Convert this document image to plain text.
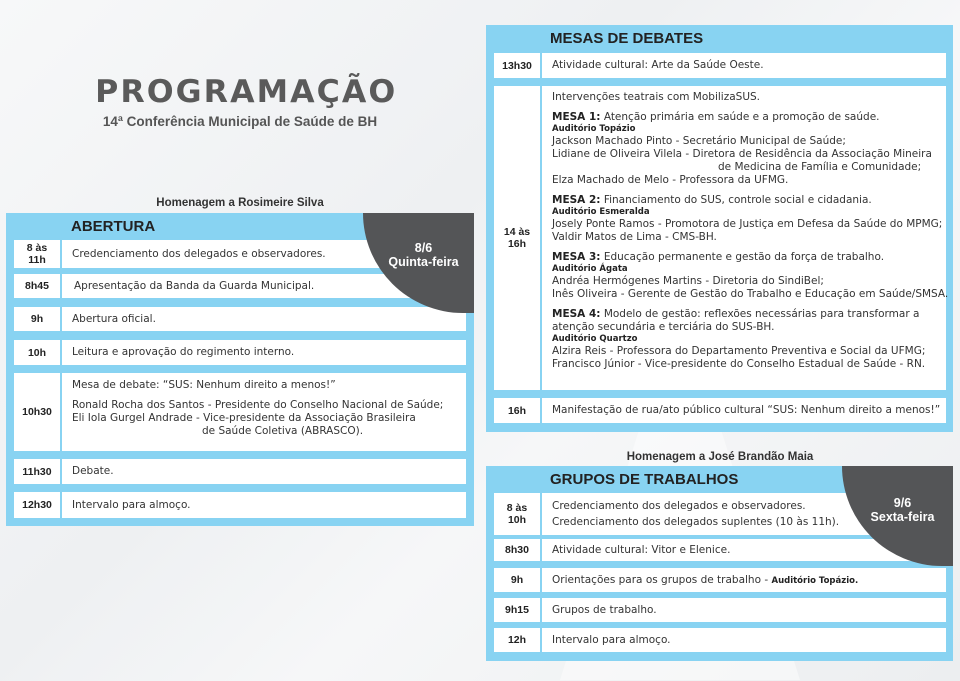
PROGRAMAÇÃO
14ª Conferência Municipal de Saúde de BH
Homenagem a Rosimeire Silva
ABERTURA
8 às
11h
Credenciamento dos delegados e observadores.
8h45 Apresentação da Banda da Guarda Municipal.
9h	Abertura oficial.
10h Leitura e aprovação do regimento interno.
10h30
Mesa de debate: “SUS: Nenhum direito a menos!”
Ronald Rocha dos Santos - Presidente do Conselho Nacional de Saúde;
Eli Iola Gurgel Andrade - Vice-presidente da Associação Brasileira
de Saúde Coletiva (ABRASCO).
11h30 Debate.
12h30 Intervalo para almoço.
8/6
Quinta-feira
MESAS DE DEBATES
13h30 Atividade cultural: Arte da Saúde Oeste.
14 às
16h
Intervenções teatrais com MobilizaSUS.
MESA 1: Atenção primária em saúde e a promoção de saúde.
Auditório Topázio
Jackson Machado Pinto - Secretário Municipal de Saúde;
Lidiane de Oliveira Vilela - Diretora de Residência da Associação Mineira
de Medicina de Família e Comunidade;
Elza Machado de Melo - Professora da UFMG.
MESA 2: Financiamento do SUS, controle social e cidadania.
Auditório Esmeralda
Josely Ponte Ramos - Promotora de Justiça em Defesa da Saúde do MPMG;
Valdir Matos de Lima - CMS-BH.
MESA 3: Educação permanente e gestão da força de trabalho.
Auditório Ágata
Andréa Hermógenes Martins - Diretoria do SindiBel;
Inês Oliveira - Gerente de Gestão do Trabalho e Educação em Saúde/SMSA.
MESA 4: Modelo de gestão: reflexões necessárias para transformar a
atenção secundária e terciária do SUS-BH.
Auditório Quartzo
Alzira Reis - Professora do Departamento Preventiva e Social da UFMG;
Francisco Júnior - Vice-presidente do Conselho Estadual de Saúde - RN.
16h Manifestação de rua/ato público cultural “SUS: Nenhum direito a menos!”
Homenagem a José Brandão Maia
GRUPOS DE TRABALHOS
8 às
10h
Credenciamento dos delegados e observadores.
Credenciamento dos delegados suplentes (10 às 11h).
8h30 Atividade cultural: Vitor e Elenice.
9h	Orientações para os grupos de trabalho - Auditório Topázio.
9h15 Grupos de trabalho.
12h Intervalo para almoço.
9/6
Sexta-feira
